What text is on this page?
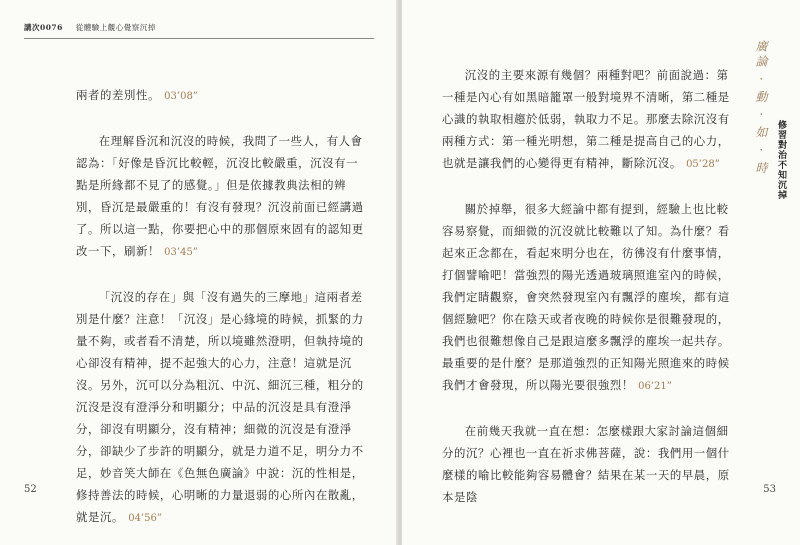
講次0076 從體驗上觀心覺察沉掉

兩者的差別性。 03’08”

在理解昏沉和沉沒的時候，我問了一些人，有人會認為：「好像是昏沉比較輕，沉沒比較嚴重，沉沒有一點是所緣都不見了的感覺。」但是依據教典法相的辨別，昏沉是最嚴重的！有沒有發現？沉沒前面已經講過了。所以這一點，你要把心中的那個原來固有的認知更改一下，刷新！ 03’45”

「沉沒的存在」與「沒有過失的三摩地」這兩者差別是什麼？注意！「沉沒」是心緣境的時候，抓緊的力量不夠，或者看不清楚，所以境雖然澄明，但執持境的心卻沒有精神，提不起強大的心力，注意！這就是沉沒。另外，沉可以分為粗沉、中沉、細沉三種，粗分的沉沒是沒有澄淨分和明顯分；中品的沉沒是具有澄淨分，卻沒有明顯分，沒有精神；細微的沉沒是有澄淨分，卻缺少了步許的明顯分，就是力道不足，明分力不足，妙音笑大師在《色無色廣論》中說：沉的性相是，修持善法的時候，心明晰的力量退弱的心所內在散亂，就是沉。 04’56”

52
廣論 · 動 · 如 · 時 修習對治不知沉掉

沉沒的主要來源有幾個？兩種對吧？前面說過：第一種是內心有如黑暗籠罩一般對境界不清晰，第二種是心識的執取相趨於低弱，執取力不足。那麼去除沉沒有兩種方式：第一種光明想，第二種是提高自己的心力，也就是讓我們的心變得更有精神，斷除沉沒。 05’28”

關於掉舉，很多大經論中都有提到，經驗上也比較容易察覺，而細微的沉沒就比較難以了知。為什麼？看起來正念都在，看起來明分也在，彷彿沒有什麼事情，打個譬喻吧！當強烈的陽光透過玻璃照進室內的時候，我們定睛觀察，會突然發現室內有飄浮的塵埃，都有這個經驗吧？你在陰天或者夜晚的時候你是很難發現的，我們也很難想像自己是跟這麼多飄浮的塵埃一起共存。最重要的是什麼？是那道強烈的正知陽光照進來的時候我們才會發現，所以陽光要很強烈！ 06’21”

在前幾天我就一直在想：怎麼樣跟大家討論這個細分的沉？心裡也一直在祈求佛菩薩，說：我們用一個什麼樣的喻比較能夠容易體會？結果在某一天的早晨，原本是陰

53
